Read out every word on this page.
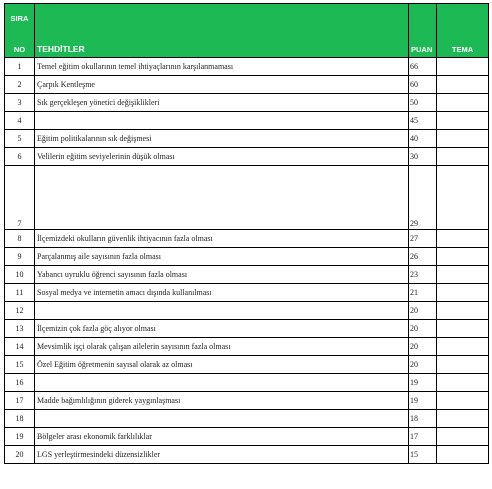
SIRA
NO	TEHDİTLER	PUAN	TEMA
1	Temel eğitim okullarının temel ihtiyaçlarının karşılanmaması	66	
2	Çarpık Kentleşme	60	
3	Sık gerçekleşen yönetici değişiklikleri	50	
4		45	
5	Eğitim politikalarının sık değişmesi	40	
6	Velilerin eğitim seviyelerinin düşük olması	30	
7		29	
8	İlçemizdeki okulların güvenlik ihtiyacının fazla olması	27	
9	Parçalanmış aile sayısının fazla olması	26	
10	Yabancı uyruklu öğrenci sayısının fazla olması	23	
11	Sosyal medya ve internetin amacı dışında kullanılması	21	
12		20	
13	İlçemizin çok fazla göç alıyor olması	20	
14	Mevsimlik işçi olarak çalışan ailelerin sayısının fazla olması	20	
15	Özel Eğitim öğretmenin sayısal olarak az olması	20	
16		19	
17	Madde bağımlılığının giderek yaygınlaşması	19	
18		18	
19	Bölgeler arası ekonomik farklılıklar	17	
20	LGS yerleştirmesindeki düzensizlikler	15	
